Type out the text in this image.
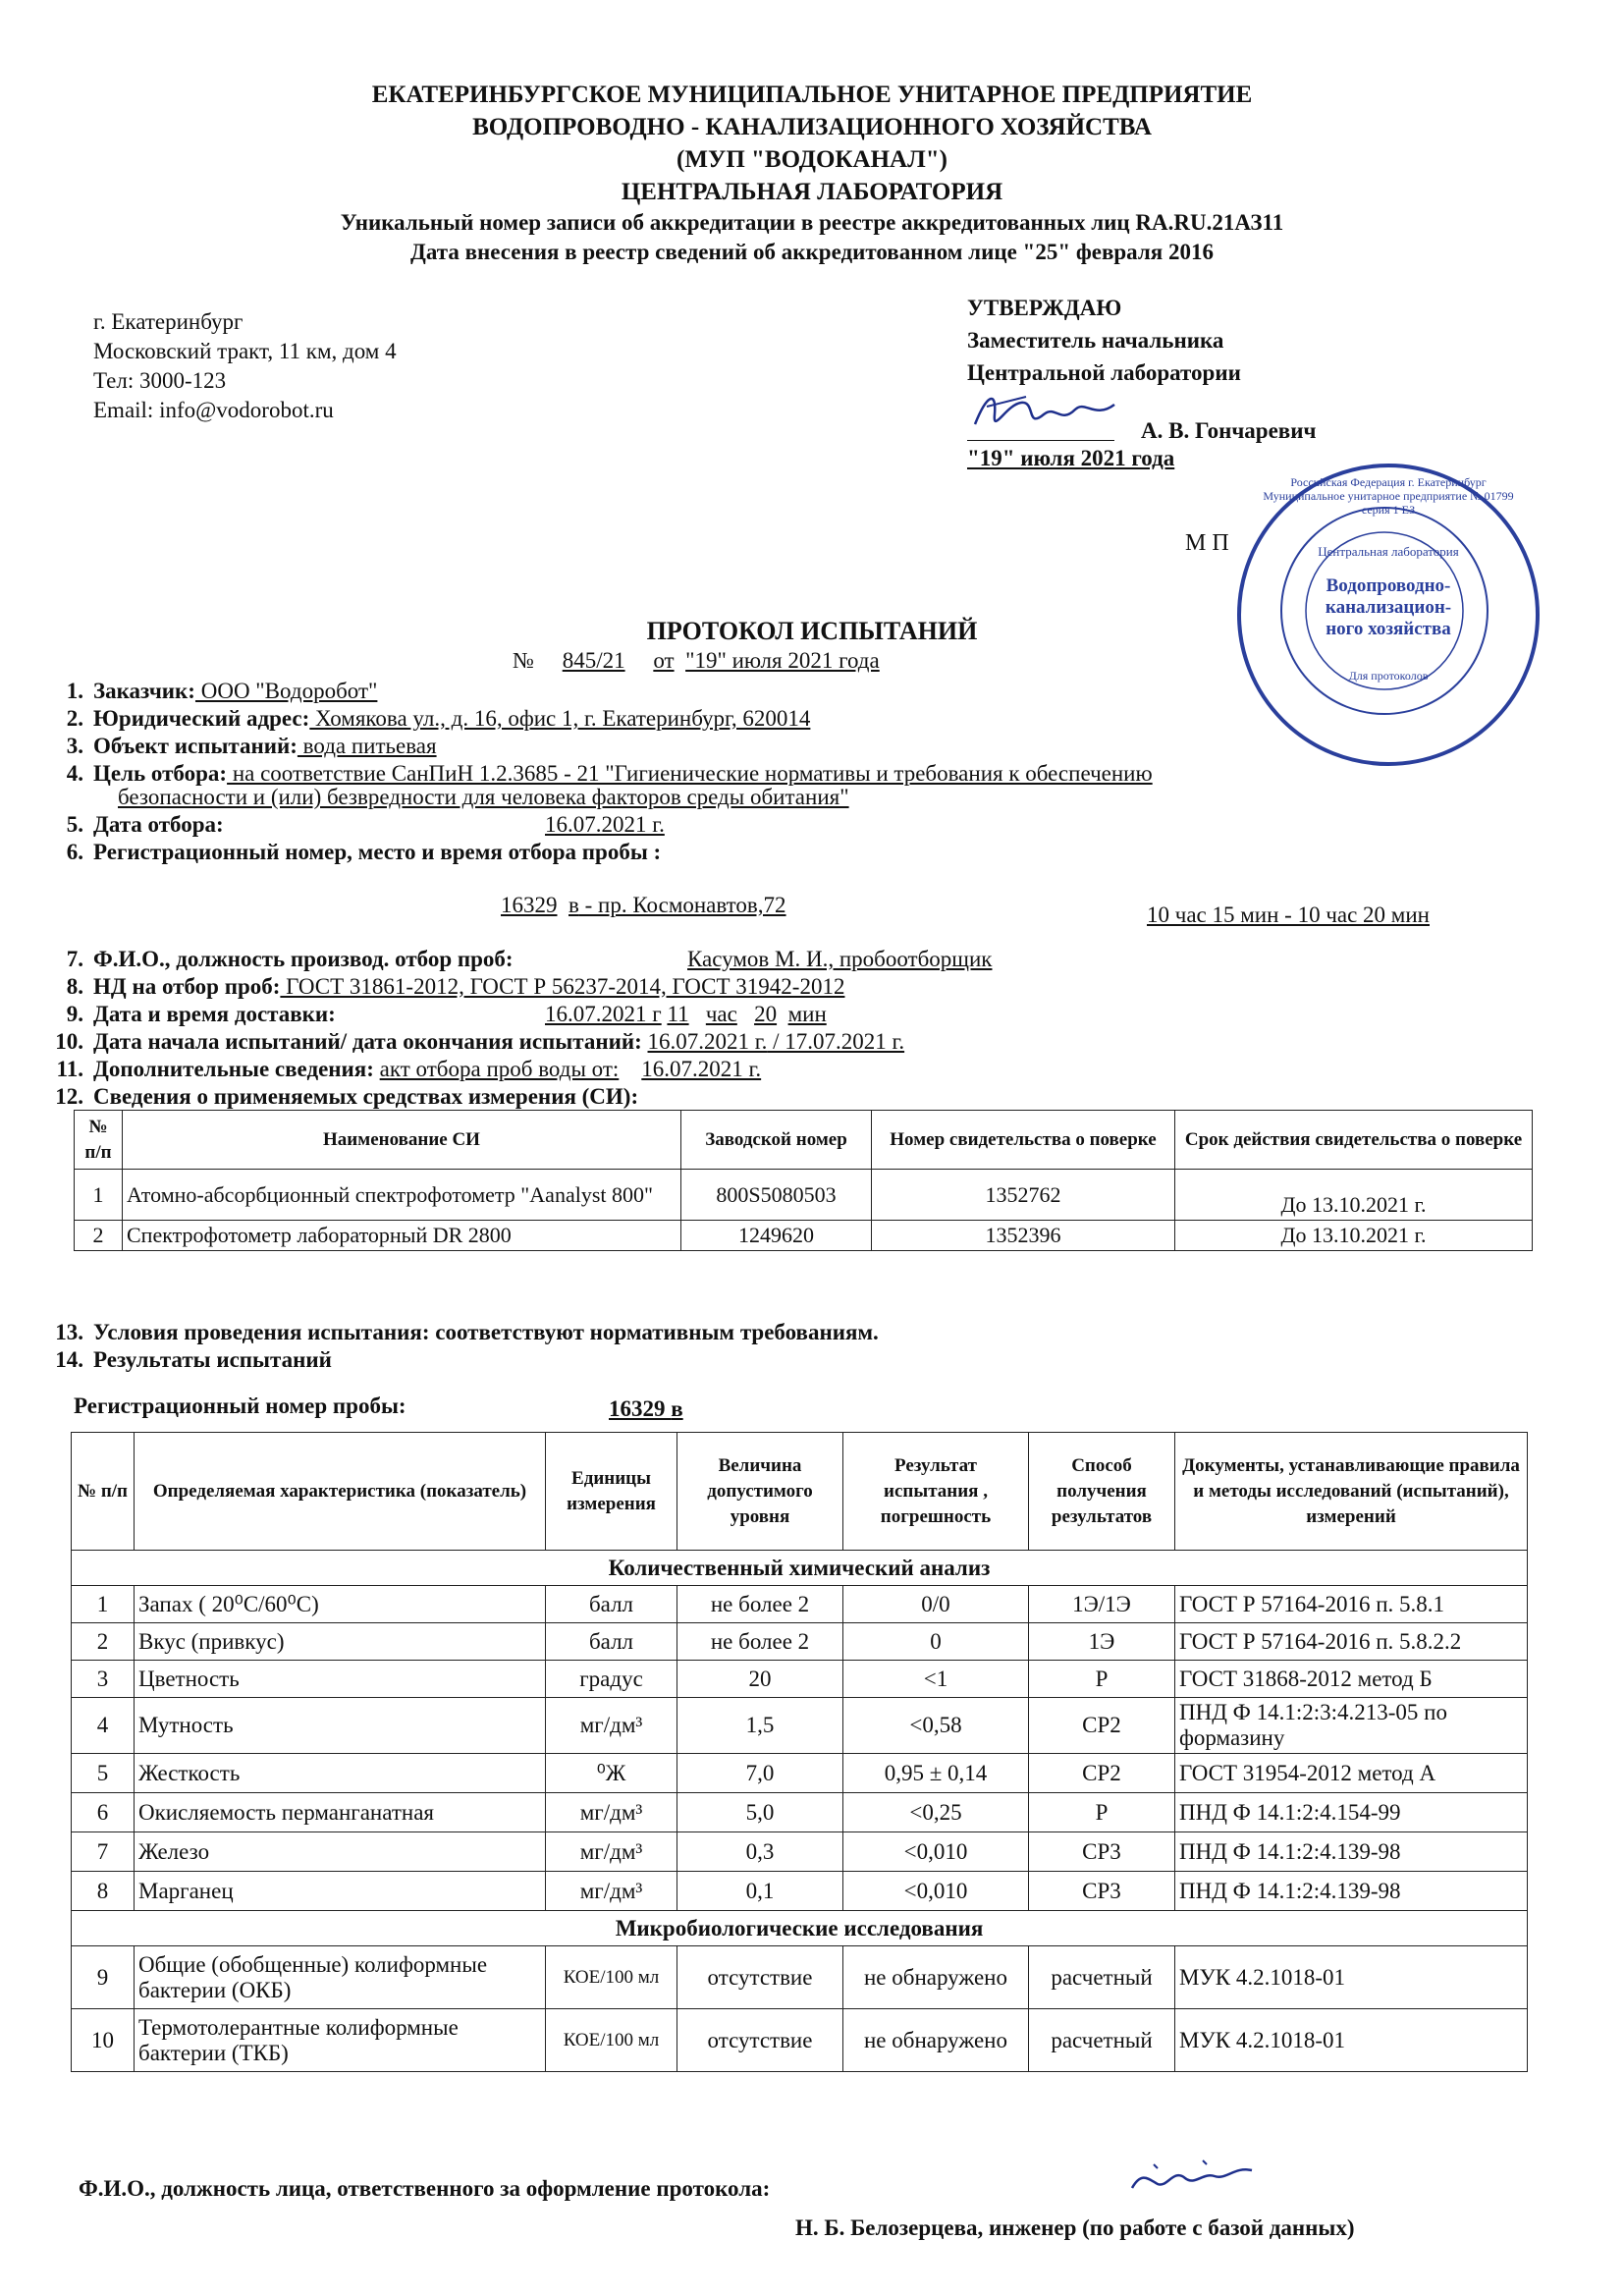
ЕКАТЕРИНБУРГСКОЕ МУНИЦИПАЛЬНОЕ УНИТАРНОЕ ПРЕДПРИЯТИЕ
ВОДОПРОВОДНО - КАНАЛИЗАЦИОННОГО ХОЗЯЙСТВА
(МУП "ВОДОКАНАЛ")
ЦЕНТРАЛЬНАЯ ЛАБОРАТОРИЯ
Уникальный номер записи об аккредитации в реестре аккредитованных лиц RA.RU.21АЗ11
Дата внесения в реестр сведений об аккредитованном лице "25" февраля 2016
г. Екатеринбург
Московский тракт, 11 км, дом 4
Тел: 3000-123
Email: info@vodorobot.ru
УТВЕРЖДАЮ
Заместитель начальника
Центральной лаборатории
А. В. Гончаревич
"19" июля 2021 года
М П	Центральная лаборатория
Водопроводно-канализацион-ного хозяйства
Для протоколов
Российская Федерация г. Екатеринбург Муниципальное унитарное предприятие № 01799 серия 1 ЕЗ
ПРОТОКОЛ ИСПЫТАНИЙ
№ 845/21 от "19" июля 2021 года
1. Заказчик: ООО "Водоробот"
2. Юридический адрес: Хомякова ул., д. 16, офис 1, г. Екатеринбург, 620014
3. Объект испытаний: вода питьевая
4. Цель отбора: на соответствие СанПиН 1.2.3685 - 21 "Гигиенические нормативы и требования к обеспечению
безопасности и (или) безвредности для человека факторов среды обитания"
5. Дата отбора:	16.07.2021 г.
6. Регистрационный номер, место и время отбора пробы :
16329 в - пр. Космонавтов,72	10 час 15 мин - 10 час 20 мин
7. Ф.И.О., должность производ. отбор проб:	Касумов М. И., пробоотборщик
8. НД на отбор проб: ГОСТ 31861-2012, ГОСТ Р 56237-2014, ГОСТ 31942-2012
9. Дата и время доставки:	16.07.2021 г 11 час 20 мин
10. Дата начала испытаний/ дата окончания испытаний: 16.07.2021 г. / 17.07.2021 г.
11. Дополнительные сведения: акт отбора проб воды от: 16.07.2021 г.
12. Сведения о применяемых средствах измерения (СИ):
№ п/п	Наименование СИ	Заводской номер	Номер свидетельства о поверке	Срок действия свидетельства о поверке
1	Атомно-абсорбционный спектрофотометр "Aanalyst 800"	800S5080503	1352762	До 13.10.2021 г.
2	Спектрофотометр лабораторный DR 2800	1249620	1352396	До 13.10.2021 г.
13. Условия проведения испытания: соответствуют нормативным требованиям.
14. Результаты испытаний
Регистрационный номер пробы:	16329 в
№ п/п	Определяемая характеристика (показатель)	Единицы измерения	Величина допустимого уровня	Результат испытания , погрешность	Способ получения результатов	Документы, устанавливающие правила и методы исследований (испытаний), измерений
Количественный химический анализ						
1	Запах ( 20⁰С/60⁰С)	балл	не более 2	0/0	1Э/1Э	ГОСТ Р 57164-2016 п. 5.8.1
2	Вкус (привкус)	балл	не более 2	0	1Э	ГОСТ Р 57164-2016 п. 5.8.2.2
3	Цветность	градус	20	<1	Р	ГОСТ 31868-2012 метод Б
4	Мутность	мг/дм³	1,5	<0,58	СР2	ПНД Ф 14.1:2:3:4.213-05 по формазину
5	Жесткость	⁰Ж	7,0	0,95 ± 0,14	СР2	ГОСТ 31954-2012 метод А
6	Окисляемость перманганатная	мг/дм³	5,0	<0,25	Р	ПНД Ф 14.1:2:4.154-99
7	Железо	мг/дм³	0,3	<0,010	СР3	ПНД Ф 14.1:2:4.139-98
8	Марганец	мг/дм³	0,1	<0,010	СР3	ПНД Ф 14.1:2:4.139-98
Микробиологические исследования						
9	Общие (обобщенные) колиформные бактерии (ОКБ)	КОЕ/100 мл	отсутствие	не обнаружено	расчетный	МУК 4.2.1018-01
10	Термотолерантные колиформные бактерии (ТКБ)	КОЕ/100 мл	отсутствие	не обнаружено	расчетный	МУК 4.2.1018-01
Ф.И.О., должность лица, ответственного за оформление протокола:
Н. Б. Белозерцева, инженер (по работе с базой данных)
